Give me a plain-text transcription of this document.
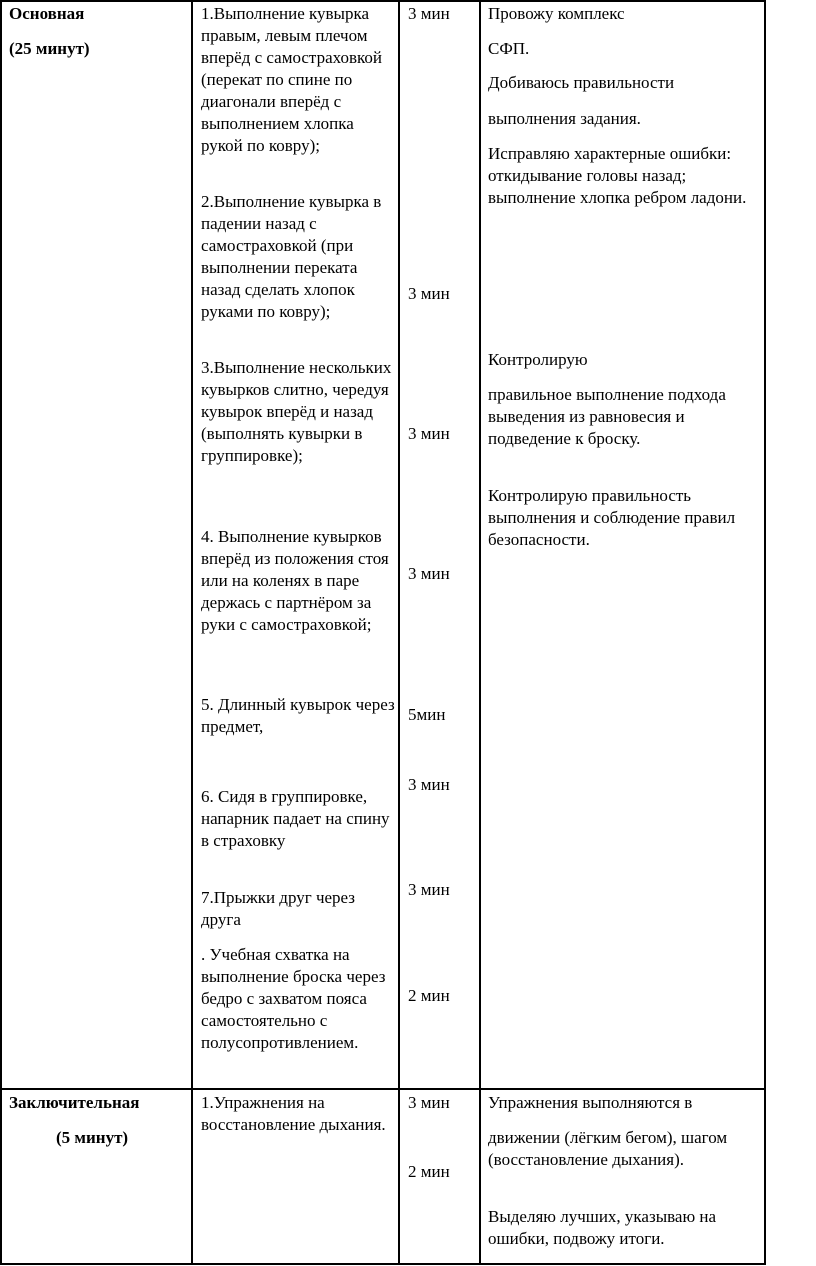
Основная
(25 минут)
1.Выполнение кувырка правым, левым плечом вперёд с самостраховкой (перекат по спине по диагонали вперёд с выполнением хлопка рукой по ковру);
2.Выполнение кувырка в падении назад с самостраховкой (при выполнении переката назад сделать хлопок руками по ковру);
3.Выполнение нескольких кувырков слитно, чередуя кувырок вперёд и назад (выполнять кувырки в группировке);
4. Выполнение кувырков вперёд из положения стоя или на коленях в паре держась с партнёром за руки с самостраховкой;
5. Длинный кувырок через предмет,
6. Сидя в группировке, напарник падает на спину в страховку
7.Прыжки друг через друга
. Учебная схватка на выполнение броска через бедро с захватом пояса самостоятельно с полусопротивлением.
3 мин
3 мин
3 мин
3 мин
5мин
3 мин
3 мин
2 мин
Провожу комплекс
СФП.
Добиваюсь правильности
выполнения задания.
Исправляю характерные ошибки: откидывание головы назад; выполнение хлопка ребром ладони.
Контролирую
правильное выполнение подхода выведения из равновесия и подведение к броску.
Контролирую правильность выполнения и соблюдение правил безопасности.
Заключительная
(5 минут)
1.Упражнения на восстановление дыхания.
3 мин
2 мин
Упражнения выполняются в
движении (лёгким бегом), шагом (восстановление дыхания).
Выделяю лучших, указываю на ошибки, подвожу итоги.
